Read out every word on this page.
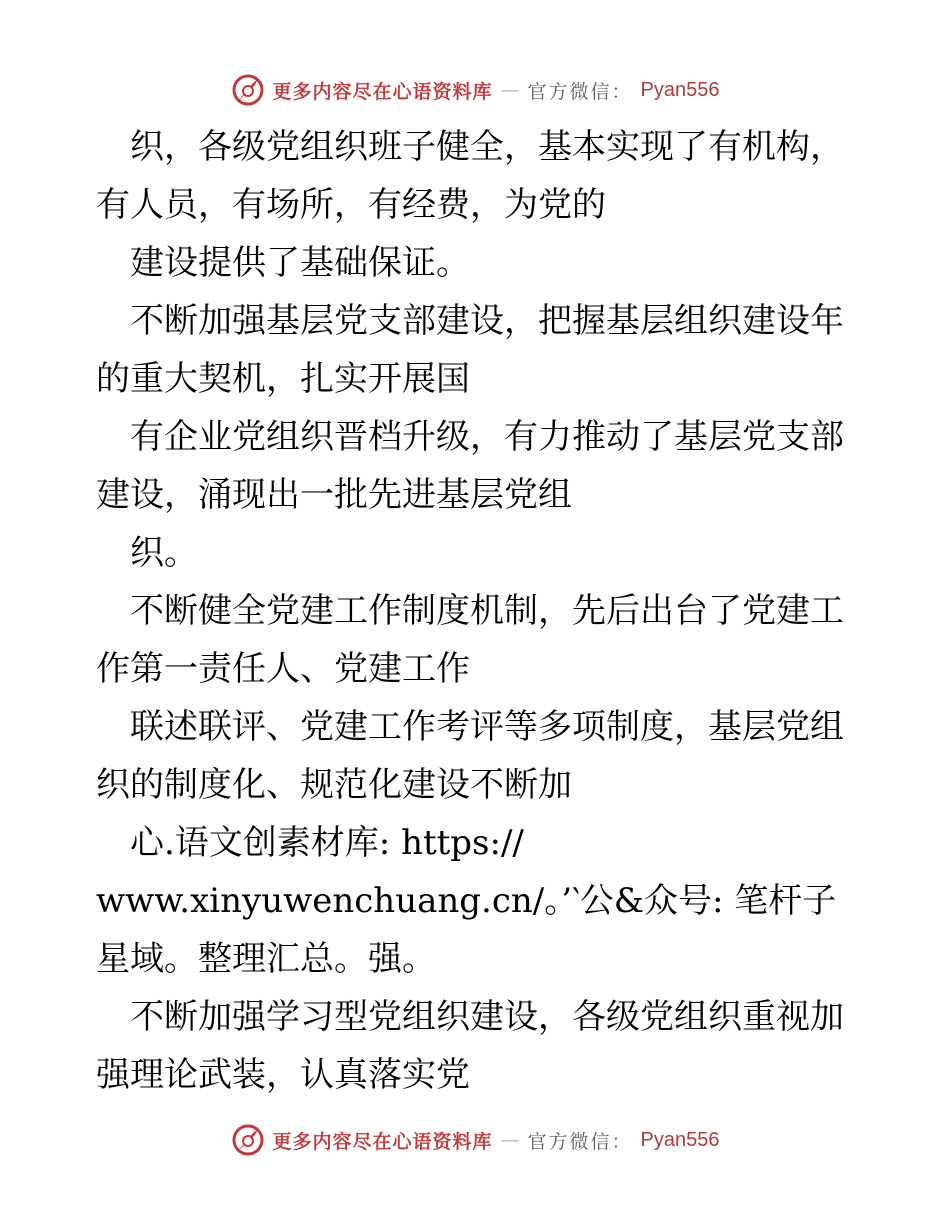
更多内容尽在心语资料库 — 官方微信： Pyan556

　织，各级党组织班子健全，基本实现了有机构，有人员，有场所，有经费，为党的

　建设提供了基础保证。

　不断加强基层党支部建设，把握基层组织建设年的重大契机，扎实开展国

　有企业党组织晋档升级，有力推动了基层党支部建设，涌现出一批先进基层党组

　织。

　不断健全党建工作制度机制，先后出台了党建工作第一责任人、党建工作

　联述联评、党建工作考评等多项制度，基层党组织的制度化、规范化建设不断加

　心.语文创素材库: https://

www.xinyuwenchuang.cn/。’‵公&众号: 笔杆子星域。整理汇总。强。

　不断加强学习型党组织建设，各级党组织重视加强理论武装，认真落实党

更多内容尽在心语资料库 — 官方微信： Pyan556
